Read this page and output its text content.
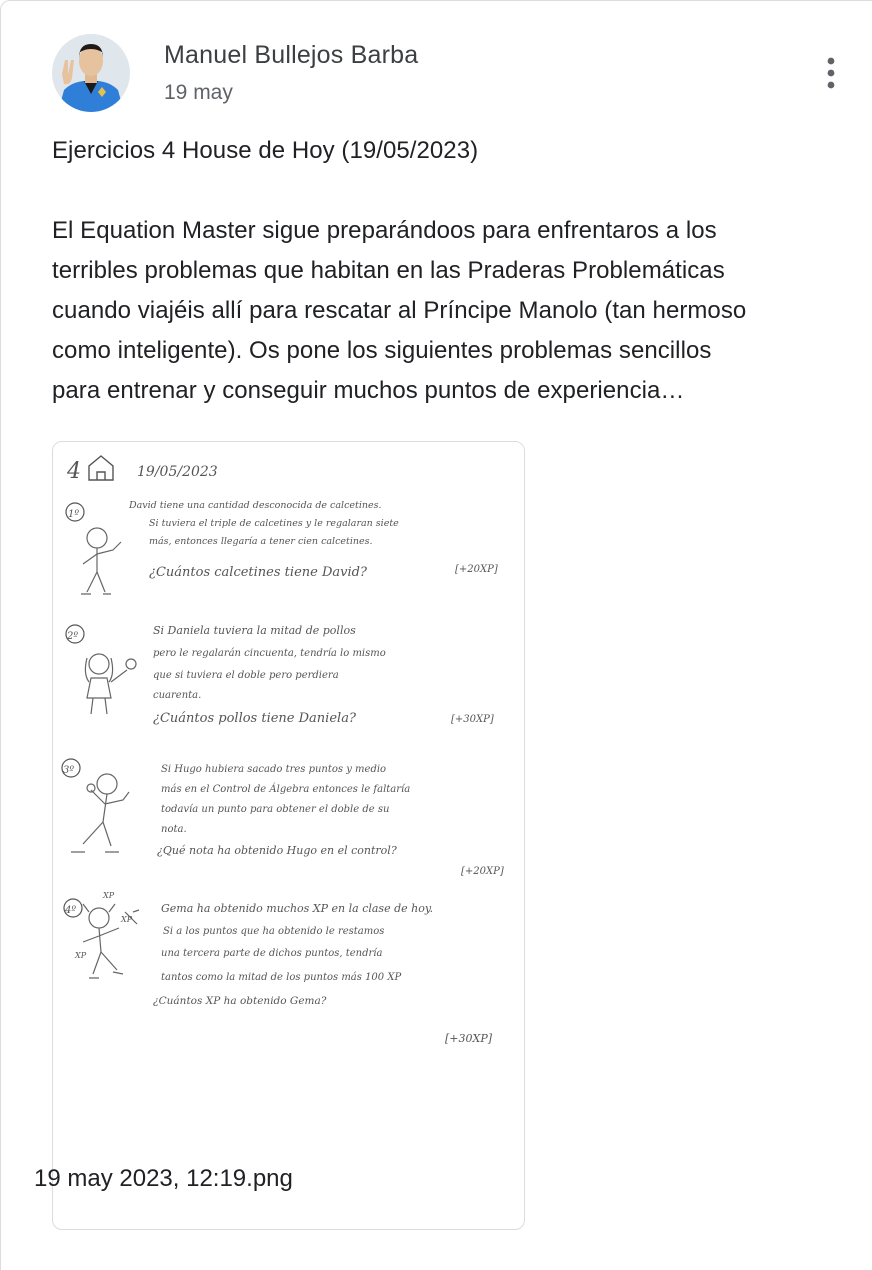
Manuel Bullejos Barba
19 may

Ejercicios 4 House de Hoy (19/05/2023)

El Equation Master sigue preparándoos para enfrentaros a los

terribles problemas que habitan en las Praderas Problemáticas

cuando viajéis allí para rescatar al Príncipe Manolo (tan hermoso

como inteligente). Os pone los siguientes problemas sencillos

para entrenar y conseguir muchos puntos de experiencia…

4	19/05/2023
1º
David tiene una cantidad desconocida de calcetines.
Si tuviera el triple de calcetines y le regalaran siete
más, entonces llegaría a tener cien calcetines.
¿Cuántos calcetines tiene David?	[+20XP]
2º	Si Daniela tuviera la mitad de pollos
pero le regalarán cincuenta, tendría lo mismo
que si tuviera el doble pero perdiera
cuarenta.
¿Cuántos pollos tiene Daniela?	[+30XP]
3º	Si Hugo hubiera sacado tres puntos y medio
más en el Control de Álgebra entonces le faltaría
todavía un punto para obtener el doble de su
nota.
¿Qué nota ha obtenido Hugo en el control?
[+20XP]
4º
XP
XP
XP
Gema ha obtenido muchos XP en la clase de hoy.
Si a los puntos que ha obtenido le restamos
una tercera parte de dichos puntos, tendría
tantos como la mitad de los puntos más 100 XP
¿Cuántos XP ha obtenido Gema?
[+30XP]
19 may 2023, 12:19.png
